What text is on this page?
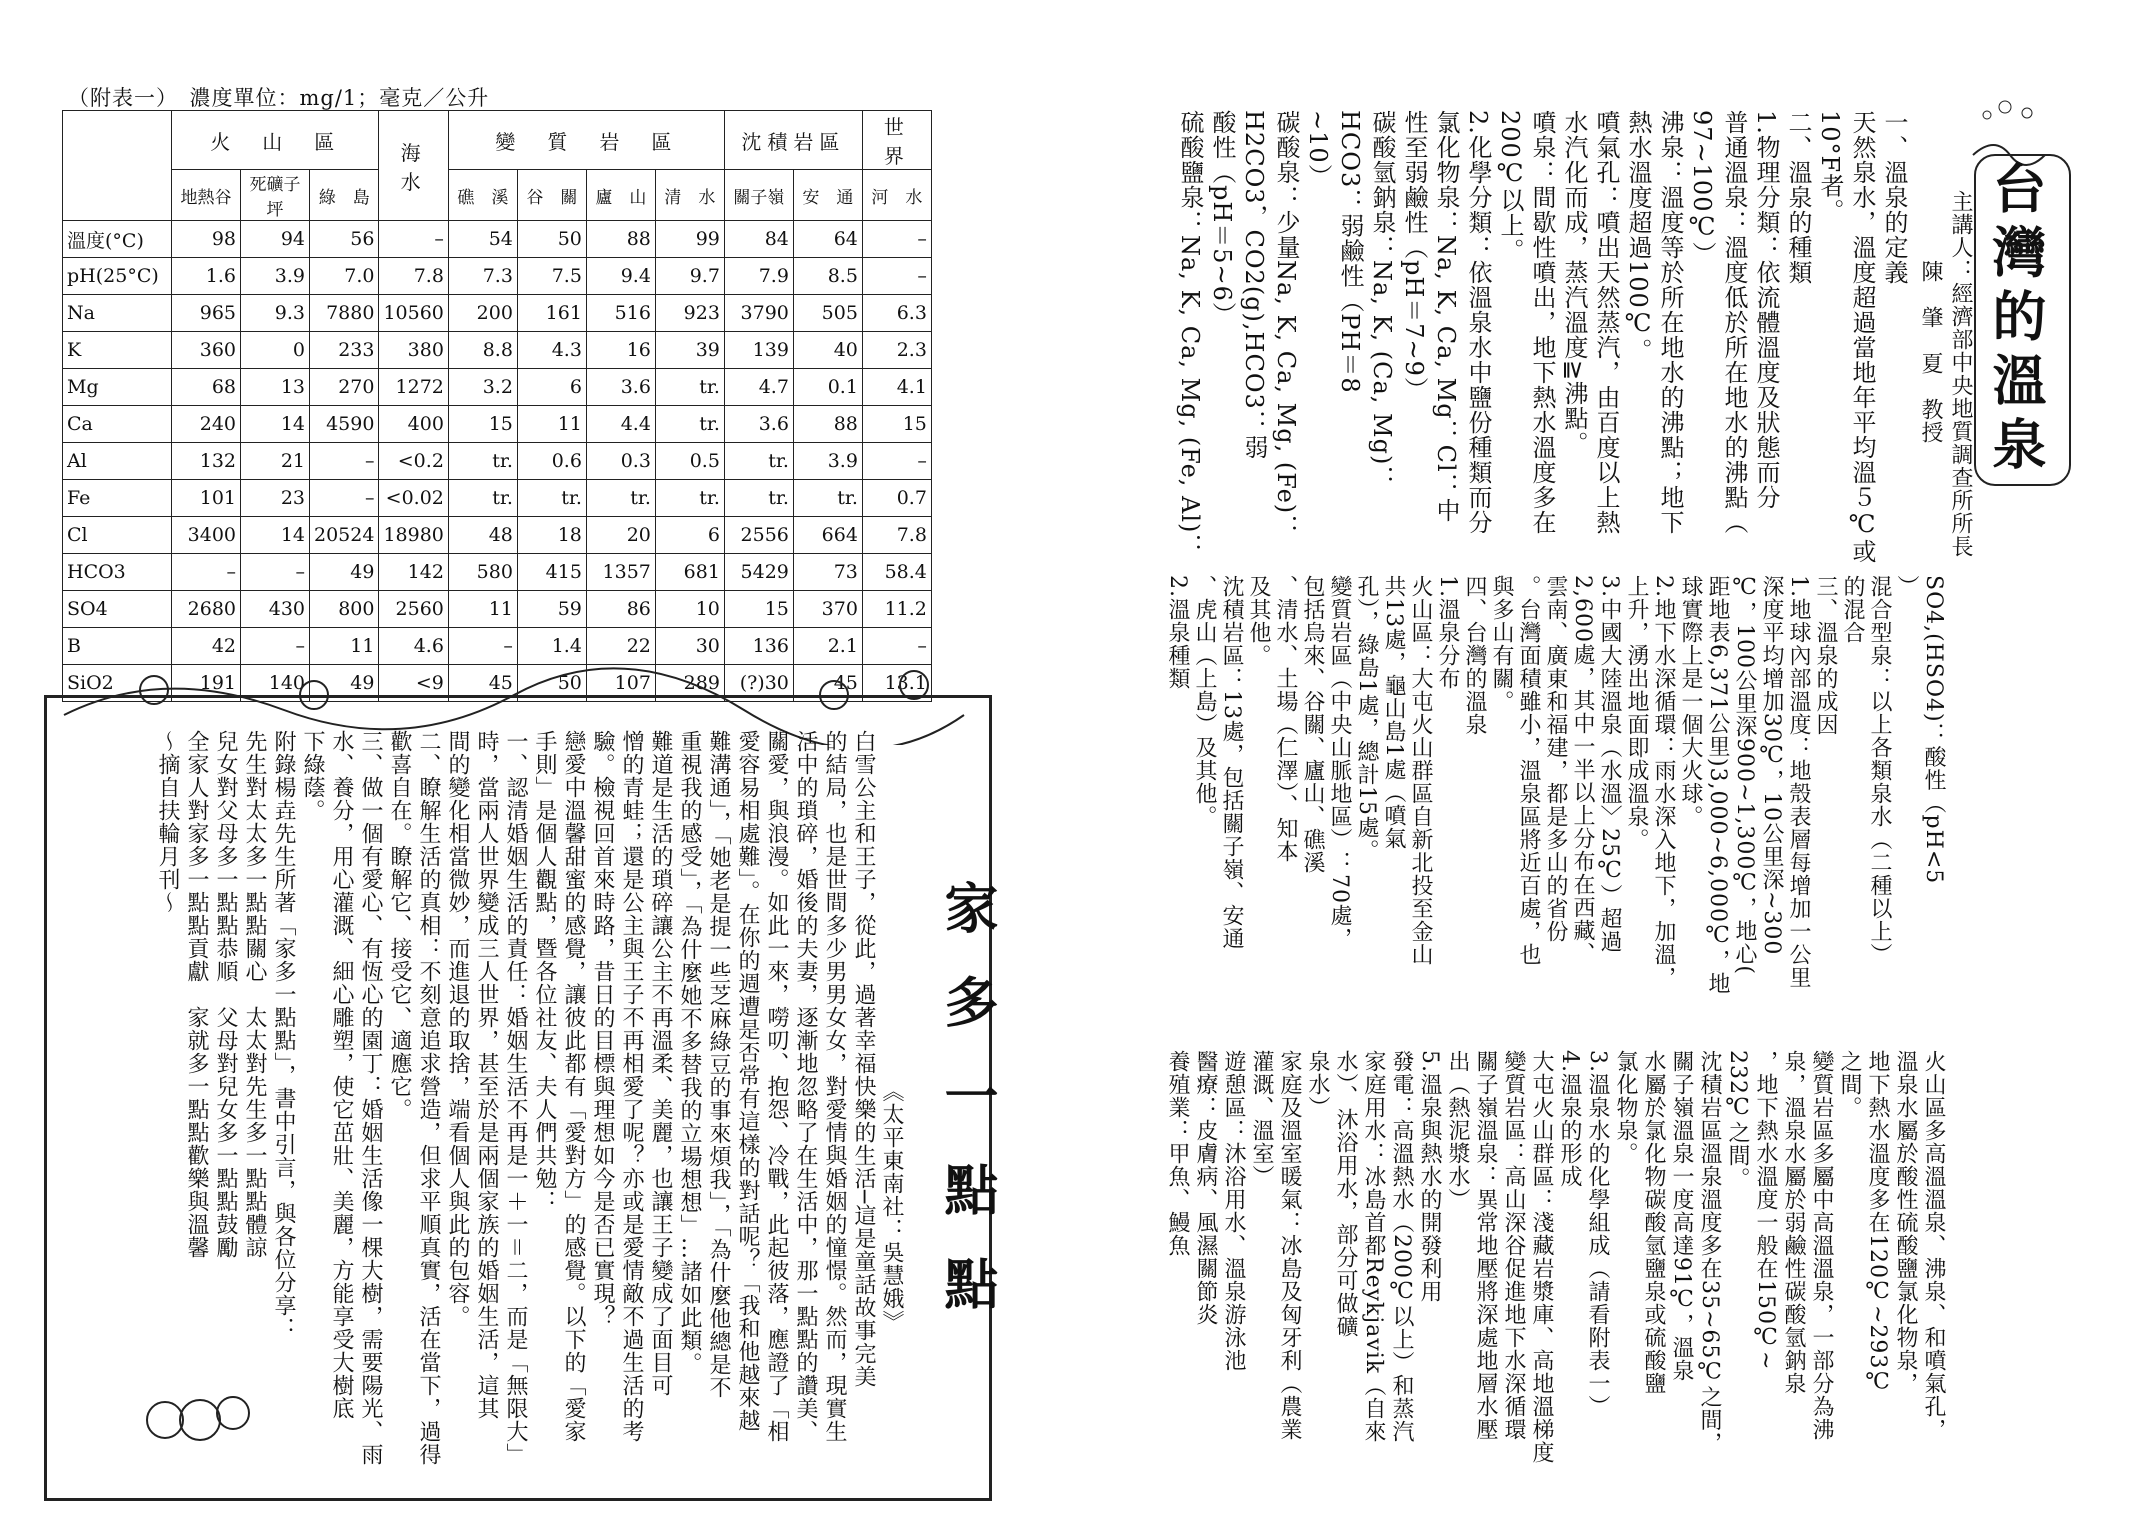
（附表一）　濃度單位：mg/1；毫克／公升
	火　山　區			海　水	變　質　岩　區				沈積岩區		世　界
	地熱谷	死礦子坪	綠　島		礁　溪	谷　關	廬　山	清　水	關子嶺	安　通	河　水
溫度(°C)	98	94	56	–	54	50	88	99	84	64	–
pH(25°C)	1.6	3.9	7.0	7.8	7.3	7.5	9.4	9.7	7.9	8.5	–
Na	965	9.3	7880	10560	200	161	516	923	3790	505	6.3
K	360	0	233	380	8.8	4.3	16	39	139	40	2.3
Mg	68	13	270	1272	3.2	6	3.6	tr.	4.7	0.1	4.1
Ca	240	14	4590	400	15	11	4.4	tr.	3.6	88	15
Al	132	21	–	<0.2	tr.	0.6	0.3	0.5	tr.	3.9	–
Fe	101	23	–	<0.02	tr.	tr.	tr.	tr.	tr.	tr.	0.7
Cl	3400	14	20524	18980	48	18	20	6	2556	664	7.8
HCO3	–	–	49	142	580	415	1357	681	5429	73	58.4
SO4	2680	430	800	2560	11	59	86	10	15	370	11.2
B	42	–	11	4.6	–	1.4	22	30	136	2.1	–
SiO2	191	140	49	<9	45	50	107	289	(?)30	45	13.1
家多一點點
《太平東南社：吳慧娥》
白雪公主和王子，從此，過著幸福快樂的生活─這是童話故事完美
的結局，也是世間多少男男女女，對愛情與婚姻的憧憬。然而，現實生
活中的瑣碎，婚後的夫妻，逐漸地忽略了在生活中，那一點點的讚美、
關愛，與浪漫。如此一來，嘮叨、抱怨、冷戰，此起彼落，應證了「相
愛容易相處難」。在你的週遭是否常有這樣的對話呢？「我和他越來越
難溝通」，「她老是提一些芝麻綠豆的事來煩我」，「為什麼他總是不
重視我的感受」，「為什麼她不多替我的立場想想」…諸如此類。
難道是生活的瑣碎讓公主不再溫柔、美麗，也讓王子變成了面目可
憎的青蛙；還是公主與王子不再相愛了呢？亦或是愛情敵不過生活的考
驗。檢視回首來時路，昔日的目標與理想如今是否已實現？
戀愛中溫馨甜蜜的感覺，讓彼此都有「愛對方」的感覺。以下的「愛家
手則」是個人觀點，暨各位社友、夫人們共勉：
一、認清婚姻生活的責任：婚姻生活不再是一＋一＝二，而是「無限大」
時，當兩人世界變成三人世界，甚至於是兩個家族的婚姻生活，這其
間的變化相當微妙，而進退的取捨，端看個人與此的包容。
二、瞭解生活的真相：不刻意追求營造，但求平順真實，活在當下，過得
歡喜自在。瞭解它、接受它、適應它。
三、做一個有愛心、有恆心的園丁：婚姻生活像一棵大樹，需要陽光、雨
水、養分，用心灌溉、細心雕塑，使它茁壯、美麗，方能享受大樹底
下綠蔭。
附錄楊垚先生所著「家多一點點」，書中引言，與各位分享：
先生對太太多一點點關心　太太對先生多一點點體諒
兒女對父母多一點點恭順　父母對兒女多一點點鼓勵
全家人對家多一點點貢獻　家就多一點點歡樂與溫馨
～摘自扶輪月刊～
台灣的溫泉
主講人：經濟部中央地質調查所所長
陳　肇　夏　教授
一、溫泉的定義
天然泉水，溫度超過當地年平均溫５℃或
10°F者。
二、溫泉的種類
1.物理分類：依流體溫度及狀態而分
普通溫泉：溫度低於所在地水的沸點（
97∼100℃）
沸泉：溫度等於所在地水的沸點；地下
熱水溫度超過100℃。
噴氣孔：噴出天然蒸汽，由百度以上熱
水汽化而成，蒸汽溫度≧沸點。
噴泉：間歇性噴出，地下熱水溫度多在
200℃以上。
2.化學分類：依溫泉水中鹽份種類而分
氯化物泉：Na, K, Ca, Mg：Cl：中
性至弱鹼性（pH＝7∼9）
碳酸氫鈉泉：Na, K, (Ca, Mg)：
HCO3：弱鹼性（PH＝8
∼10）
碳酸泉：少量Na, K, Ca, Mg, (Fe)：
H2CO3，CO2(g),HCO3：弱
酸性（pH＝5∼6）
硫酸鹽泉：Na, K, Ca, Mg, (Fe, Al)：
SO4,(HSO4)：酸性（pH<5
）
混合型泉：以上各類泉水（二種以上）
的混合
三、溫泉的成因
1.地球內部溫度：地殼表層每增加一公里
深度平均增加30℃，10公里深∼300
℃，100公里深900∼1,300℃，地心(
距地表6,371公里)3,000∼6,000℃，地
球實際上是一個大火球。
2.地下水深循環：雨水深入地下，加溫，
上升，湧出地面即成溫泉。
3.中國大陸溫泉（水溫〉25℃）超過
2,600處，其中一半以上分布在西藏、
雲南、廣東和福建，都是多山的省份
。台灣面積雖小，溫泉區將近百處，也
與多山有關。
四、台灣的溫泉
1.溫泉分布
火山區：大屯火山群區自新北投至金山
共13處，龜山島1處（噴氣
孔），綠島1處，總計15處。
變質岩區（中央山脈地區）：70處，
包括烏來、谷關、廬山、礁溪
、清水、土場（仁澤）、知本
及其他。
沈積岩區：13處，包括關子嶺、安通
、虎山（上島）及其他。
2.溫泉種類
火山區多高溫溫泉、沸泉、和噴氣孔，
溫泉水屬於酸性硫酸鹽氯化物泉，
地下熱水溫度多在120℃∼293℃
之間。
變質岩區多屬中高溫溫泉，一部分為沸
泉，溫泉水屬於弱鹼性碳酸氫鈉泉
，地下熱水溫度一般在150℃∼
232℃之間。
沈積岩區溫泉溫度多在35∼65℃之間，
關子嶺溫泉一度高達91℃，溫泉
水屬於氯化物碳酸氫鹽泉或硫酸鹽
氯化物泉。
3.溫泉水的化學組成（請看附表一）
4.溫泉的形成
大屯火山群區：淺藏岩漿庫、高地溫梯度
變質岩區：高山深谷促進地下水深循環
關子嶺溫泉：異常地壓將深處地層水壓
出（熱泥漿水）
5.溫泉與熱水的開發利用
發電：高溫熱水（200℃以上）和蒸汽
家庭用水：冰島首都Reykjavik（自來
水）、沐浴用水，部分可做礦
泉水）
家庭及溫室暖氣：冰島及匈牙利（農業
灌溉、溫室）
遊憩區：沐浴用水、溫泉游泳池
醫療：皮膚病、風濕關節炎
養殖業：甲魚、鰻魚
